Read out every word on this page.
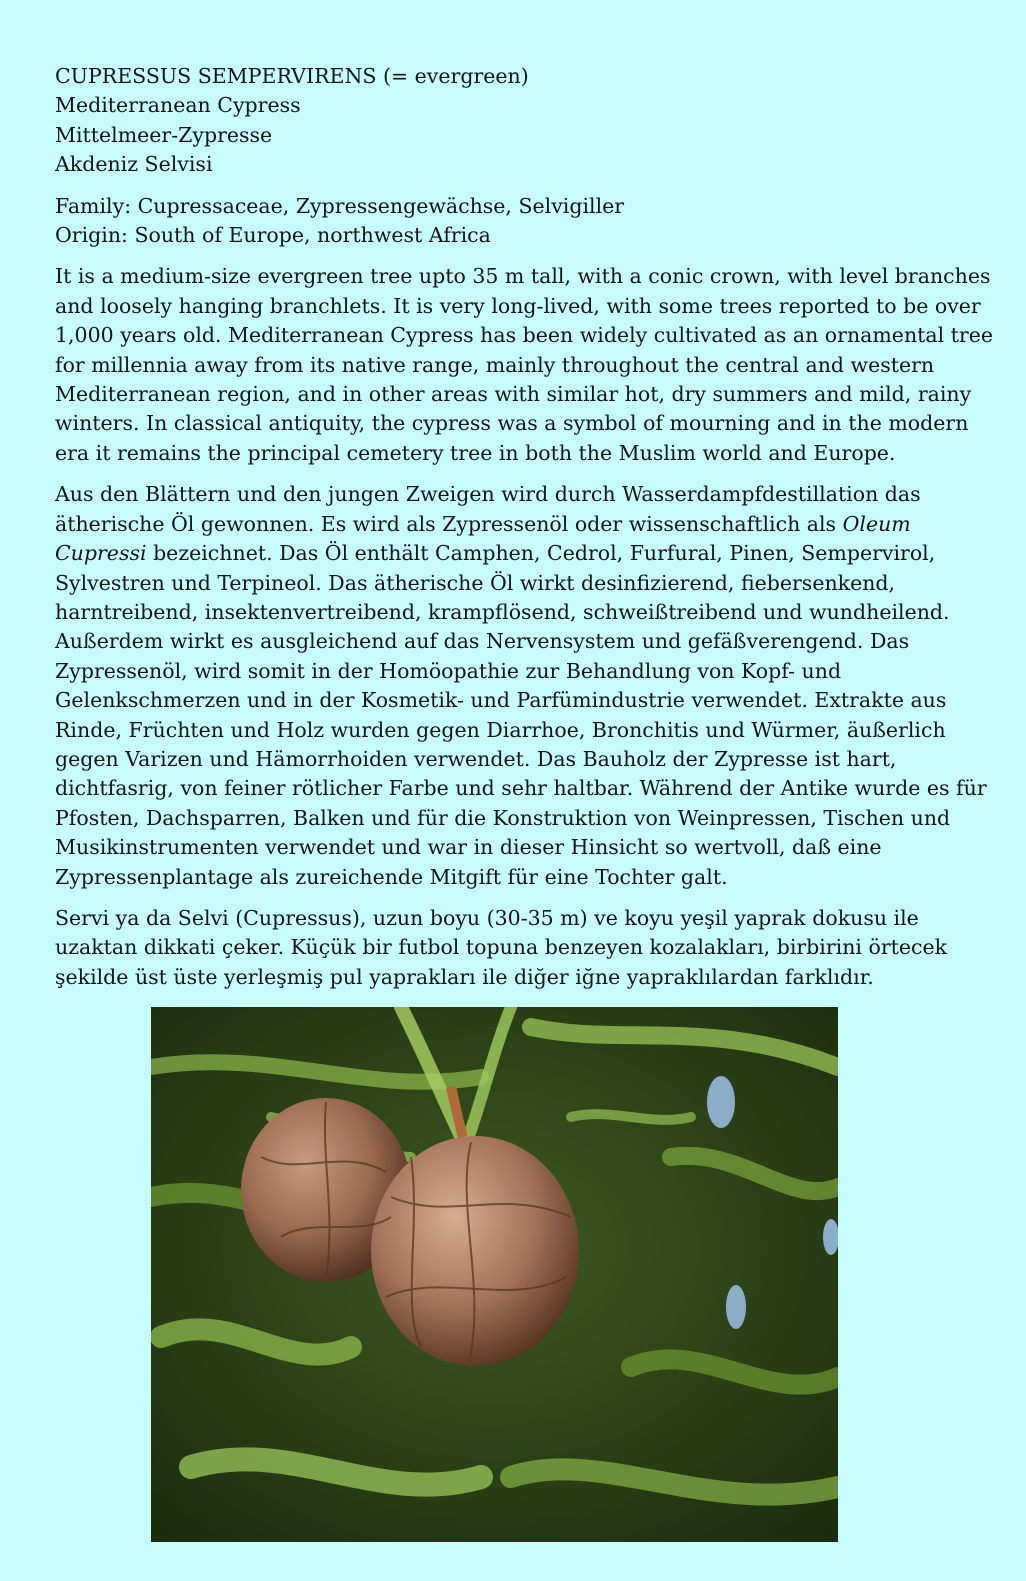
CUPRESSUS SEMPERVIRENS (= evergreen)
Mediterranean Cypress
Mittelmeer-Zypresse
Akdeniz Selvisi
Family: Cupressaceae, Zypressengewächse, Selvigiller
Origin: South of Europe, northwest Africa
It is a medium-size evergreen tree upto 35 m tall, with a conic crown, with level branches
and loosely hanging branchlets. It is very long-lived, with some trees reported to be over
1,000 years old. Mediterranean Cypress has been widely cultivated as an ornamental tree
for millennia away from its native range, mainly throughout the central and western
Mediterranean region, and in other areas with similar hot, dry summers and mild, rainy
winters. In classical antiquity, the cypress was a symbol of mourning and in the modern
era it remains the principal cemetery tree in both the Muslim world and Europe.
Aus den Blättern und den jungen Zweigen wird durch Wasserdampfdestillation das
ätherische Öl gewonnen. Es wird als Zypressenöl oder wissenschaftlich als Oleum
Cupressi bezeichnet. Das Öl enthält Camphen, Cedrol, Furfural, Pinen, Sempervirol,
Sylvestren und Terpineol. Das ätherische Öl wirkt desinfizierend, fiebersenkend,
harntreibend, insektenvertreibend, krampflösend, schweißtreibend und wundheilend.
Außerdem wirkt es ausgleichend auf das Nervensystem und gefäßverengend. Das
Zypressenöl, wird somit in der Homöopathie zur Behandlung von Kopf- und
Gelenkschmerzen und in der Kosmetik- und Parfümindustrie verwendet. Extrakte aus
Rinde, Früchten und Holz wurden gegen Diarrhoe, Bronchitis und Würmer, äußerlich
gegen Varizen und Hämorrhoiden verwendet. Das Bauholz der Zypresse ist hart,
dichtfasrig, von feiner rötlicher Farbe und sehr haltbar. Während der Antike wurde es für
Pfosten, Dachsparren, Balken und für die Konstruktion von Weinpressen, Tischen und
Musikinstrumenten verwendet und war in dieser Hinsicht so wertvoll, daß eine
Zypressenplantage als zureichende Mitgift für eine Tochter galt.
Servi ya da Selvi (Cupressus), uzun boyu (30-35 m) ve koyu yeşil yaprak dokusu ile
uzaktan dikkati çeker. Küçük bir futbol topuna benzeyen kozalakları, birbirini örtecek
şekilde üst üste yerleşmiş pul yaprakları ile diğer iğne yapraklılardan farklıdır.
